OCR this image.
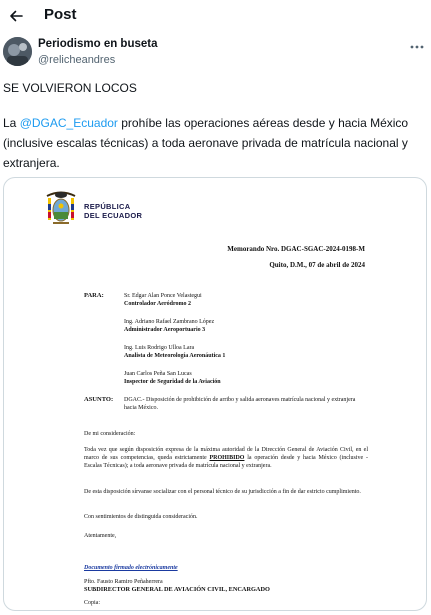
Post
Periodismo en buseta
@relicheandres
SE VOLVIERON LOCOS
La @DGAC_Ecuador prohíbe las operaciones aéreas desde y hacia México (inclusive escalas técnicas) a toda aeronave privada de matrícula nacional y extranjera.
REPÚBLICA
DEL ECUADOR
Memorando Nro. DGAC-SGAC-2024-0198-M
Quito, D.M., 07 de abril de 2024
PARA:	Sr. Edgar Alan Ponce Velastegui
Controlador Aeródromo 2
Ing. Adriano Rafael Zambrano López
Administrador Aeroportuario 3
Ing. Luis Rodrigo Ulloa Lara
Analista de Meteorología Aeronáutica 1
Juan Carlos Peña San Lucas
Inspector de Seguridad de la Aviación
ASUNTO: DGAC.- Disposición de prohibición de arribo y salida aeronaves matrícula nacional y extranjera hacia México.
De mi consideración:
Toda vez que según disposición expresa de la máxima autoridad de la Dirección General de Aviación Civil, en el marco de sus competencias, queda estrictamente PROHIBIDO la operación desde y hacia México (inclusive - Escalas Técnicas); a toda aeronave privada de matrícula nacional y extranjera.
De esta disposición sírvanse socializar con el personal técnico de su jurisdicción a fin de dar estricto cumplimiento.
Con sentimientos de distinguida consideración.
Atentamente,
Documento firmado electrónicamente
Pfto. Fausto Ramiro Peñaherrera
SUBDIRECTOR GENERAL DE AVIACIÓN CIVIL, ENCARGADO
Copia:
